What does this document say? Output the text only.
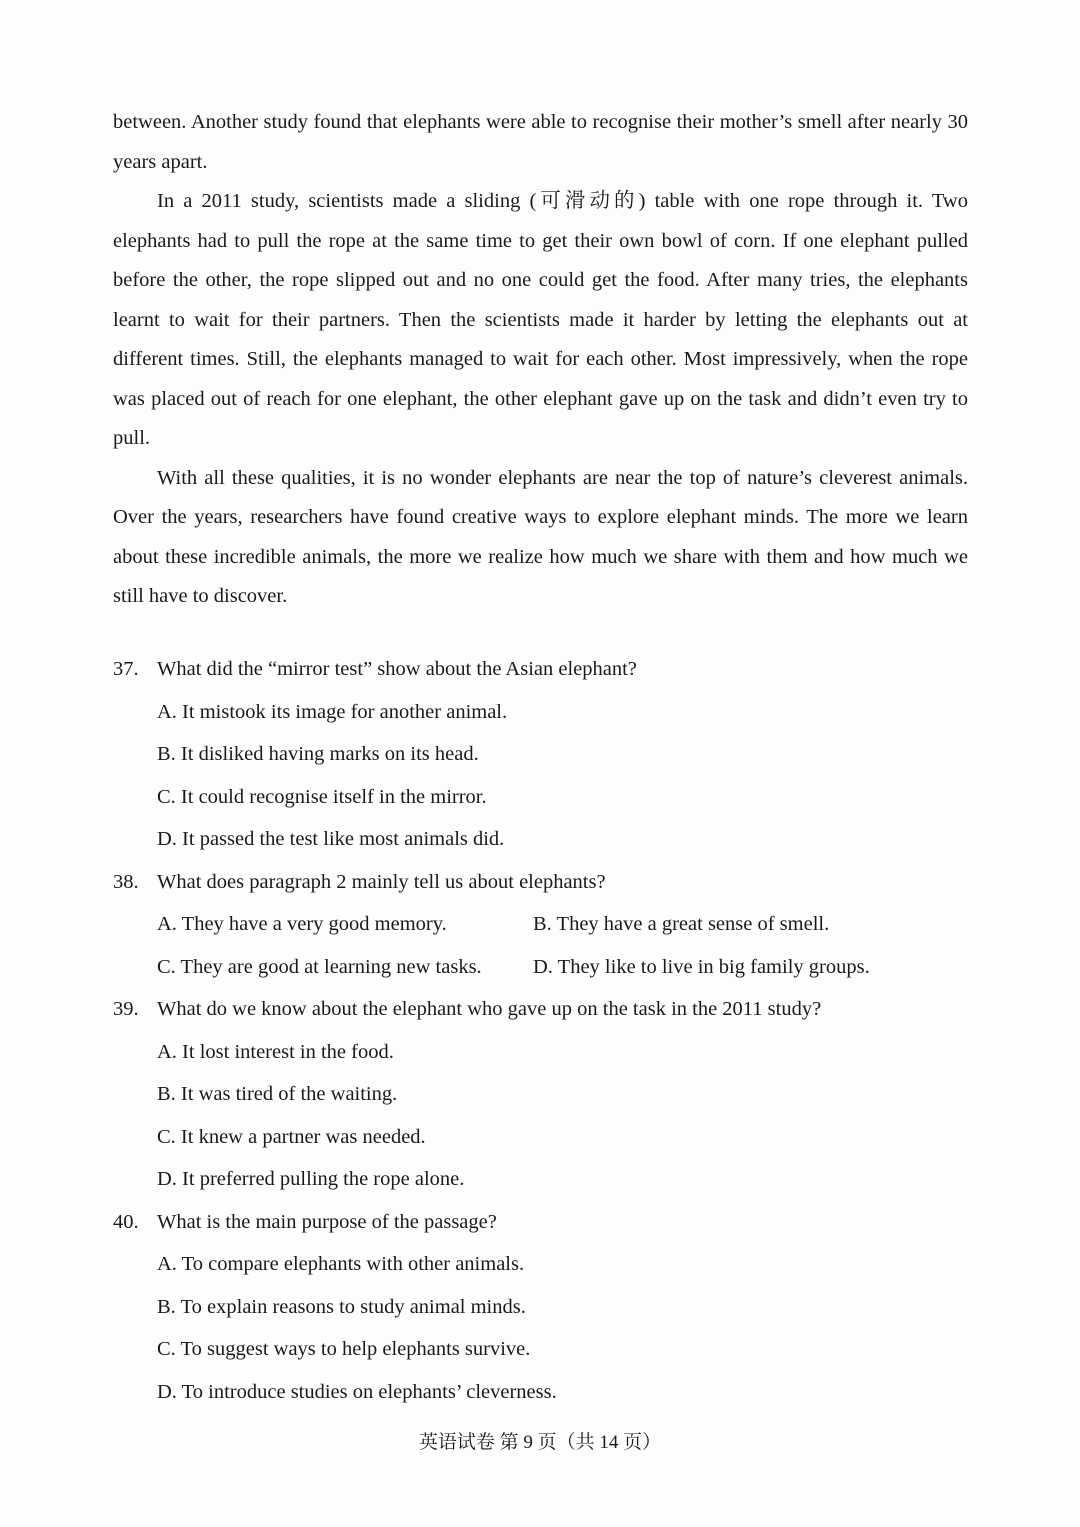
between. Another study found that elephants were able to recognise their mother’s smell after nearly 30 years apart.

In a 2011 study, scientists made a sliding (可滑动的) table with one rope through it. Two elephants had to pull the rope at the same time to get their own bowl of corn. If one elephant pulled before the other, the rope slipped out and no one could get the food. After many tries, the elephants learnt to wait for their partners. Then the scientists made it harder by letting the elephants out at different times. Still, the elephants managed to wait for each other. Most impressively, when the rope was placed out of reach for one elephant, the other elephant gave up on the task and didn’t even try to pull.

With all these qualities, it is no wonder elephants are near the top of nature’s cleverest animals. Over the years, researchers have found creative ways to explore elephant minds. The more we learn about these incredible animals, the more we realize how much we share with them and how much we still have to discover.

37. What did the “mirror test” show about the Asian elephant?
A. It mistook its image for another animal.
B. It disliked having marks on its head.
C. It could recognise itself in the mirror.
D. It passed the test like most animals did.
38. What does paragraph 2 mainly tell us about elephants?
A. They have a very good memory.	B. They have a great sense of smell.
C. They are good at learning new tasks.	D. They like to live in big family groups.
39. What do we know about the elephant who gave up on the task in the 2011 study?
A. It lost interest in the food.
B. It was tired of the waiting.
C. It knew a partner was needed.
D. It preferred pulling the rope alone.
40. What is the main purpose of the passage?
A. To compare elephants with other animals.
B. To explain reasons to study animal minds.
C. To suggest ways to help elephants survive.
D. To introduce studies on elephants’ cleverness.
英语试卷 第 9 页（共 14 页）
